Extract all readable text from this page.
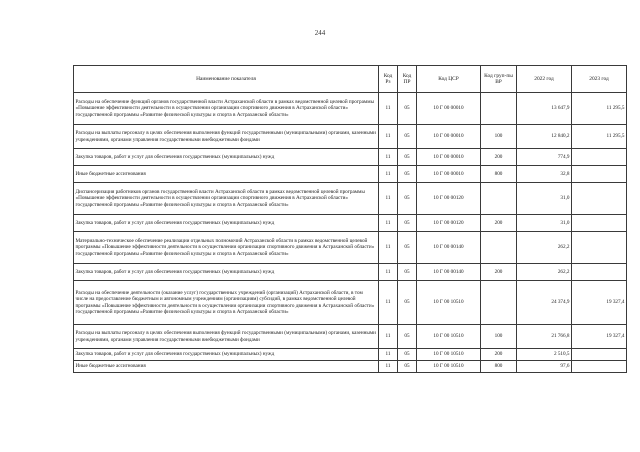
244
Наименование показателя	Код Рз	Код ПР	Код ЦСР	Код груп-пы ВР	2022 год	2023 год
Расходы на обеспечение функций органов государственной власти Астраханской области в рамках ведомственной целевой программы «Повышение эффективности деятельности в осуществлении организации спортивного движения в Астраханской области» государственной программы «Развитие физической культуры и спорта в Астраханской области»	11	05	10 Г 00 00010		13 647,9	11 295,5
Расходы на выплаты персоналу в целях обеспечения выполнения функций государственными (муниципальными) органами, казенными учреждениями, органами управления государственными внебюджетными фондами	11	05	10 Г 00 00010	100	12 840,2	11 295,5
Закупка товаров, работ и услуг для обеспечения государственных (муниципальных) нужд	11	05	10 Г 00 00010	200	774,9	
Иные бюджетные ассигнования	11	05	10 Г 00 00010	800	32,8	
Диспансеризация работников органов государственной власти Астраханской области в рамках ведомственной целевой программы «Повышение эффективности деятельности в осуществлении организации спортивного движения в Астраханской области» государственной программы «Развитие физической культуры и спорта в Астраханской области»	11	05	10 Г 00 00120		31,0	
Закупка товаров, работ и услуг для обеспечения государственных (муниципальных) нужд	11	05	10 Г 00 00120	200	31,0	
Материально-техническое обеспечение реализации отдельных полномочий Астраханской области в рамках ведомственной целевой программы «Повышение эффективности деятельности в осуществлении организации спортивного движения в Астраханской области» государственной программы «Развитие физической культуры и спорта в Астраханской области»	11	05	10 Г 00 00140		262,2	
Закупка товаров, работ и услуг для обеспечения государственных (муниципальных) нужд	11	05	10 Г 00 00140	200	262,2	
Расходы на обеспечение деятельности (оказание услуг) государственных учреждений (организаций) Астраханской области, в том числе на предоставление бюджетным и автономным учреждениям (организациям) субсидий, в рамках ведомственной целевой программы «Повышение эффективности деятельности в осуществлении организации спортивного движения в Астраханской области» государственной программы «Развитие физической культуры и спорта в Астраханской области»	11	05	10 Г 00 10510		24 374,9	19 327,4
Расходы на выплаты персоналу в целях обеспечения выполнения функций государственными (муниципальными) органами, казенными учреждениями, органами управления государственными внебюджетными фондами	11	05	10 Г 00 10510	100	21 766,8	19 327,4
Закупка товаров, работ и услуг для обеспечения государственных (муниципальных) нужд	11	05	10 Г 00 10510	200	2 510,5	
Иные бюджетные ассигнования	11	05	10 Г 00 10510	800	97,6	
